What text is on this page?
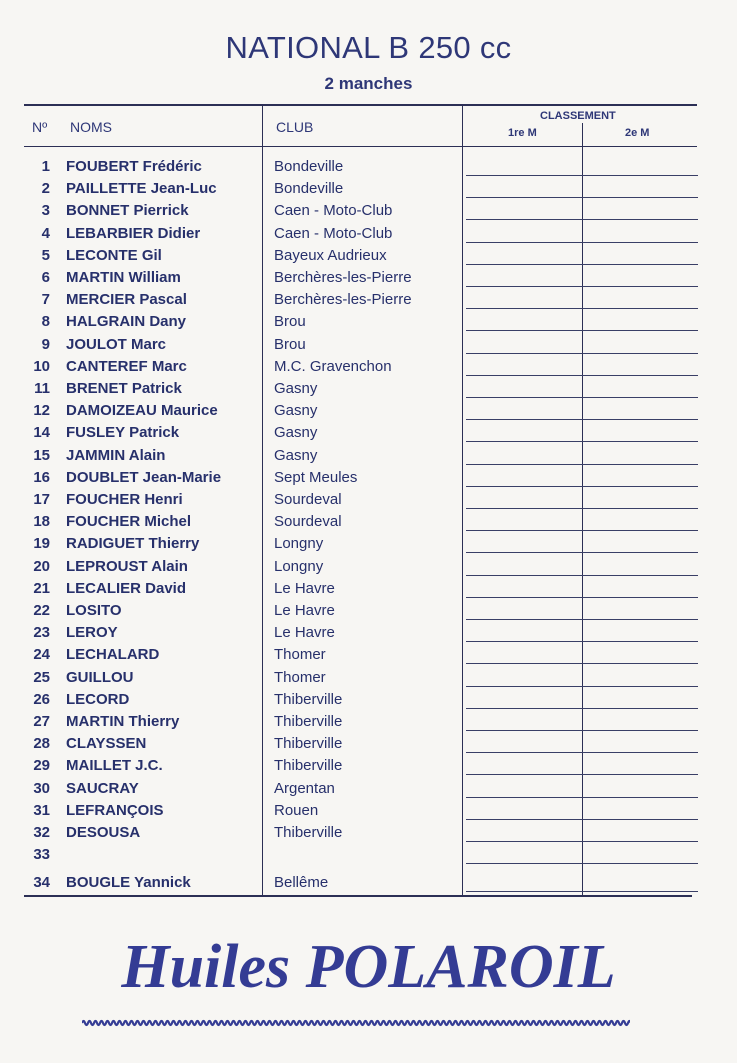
NATIONAL B 250 cc
2 manches
Nº NOMS	CLUB
CLASSEMENT
1re M	2e M
1 FOUBERT Frédéric	Bondeville
2 PAILLETTE Jean-Luc	Bondeville
3 BONNET Pierrick	Caen - Moto-Club
4 LEBARBIER Didier	Caen - Moto-Club
5 LECONTE Gil	Bayeux Audrieux
6 MARTIN William	Berchères-les-Pierre
7 MERCIER Pascal	Berchères-les-Pierre
8 HALGRAIN Dany	Brou
9 JOULOT Marc	Brou
10 CANTEREF Marc	M.C. Gravenchon
11 BRENET Patrick	Gasny
12 DAMOIZEAU Maurice	Gasny
14 FUSLEY Patrick	Gasny
15 JAMMIN Alain	Gasny
16 DOUBLET Jean-Marie	Sept Meules
17 FOUCHER Henri	Sourdeval
18 FOUCHER Michel	Sourdeval
19 RADIGUET Thierry	Longny
20 LEPROUST Alain	Longny
21 LECALIER David	Le Havre
22 LOSITO	Le Havre
23 LEROY	Le Havre
24 LECHALARD	Thomer
25 GUILLOU	Thomer
26 LECORD	Thiberville
27 MARTIN Thierry	Thiberville
28 CLAYSSEN	Thiberville
29 MAILLET J.C.	Thiberville
30 SAUCRAY	Argentan
31 LEFRANÇOIS	Rouen
32 DESOUSA	Thiberville
33
34 BOUGLE Yannick	Bellême
Huiles POLAROIL
